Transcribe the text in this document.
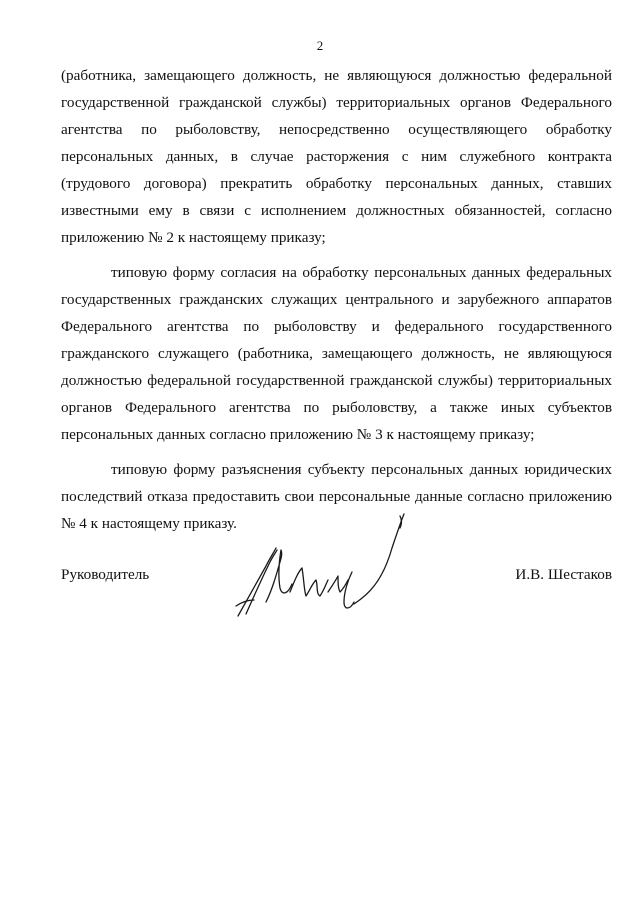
2

(работника, замещающего должность, не являющуюся должностью федеральной государственной гражданской службы) территориальных органов Федерального агентства по рыболовству, непосредственно осуществляющего обработку персональных данных, в случае расторжения с ним служебного контракта (трудового договора) прекратить обработку персональных данных, ставших известными ему в связи с исполнением должностных обязанностей, согласно приложению № 2 к настоящему приказу;

типовую форму согласия на обработку персональных данных федеральных государственных гражданских служащих центрального и зарубежного аппаратов Федерального агентства по рыболовству и федерального государственного гражданского служащего (работника, замещающего должность, не являющуюся должностью федеральной государственной гражданской службы) территориальных органов Федерального агентства по рыболовству, а также иных субъектов персональных данных согласно приложению № 3 к настоящему приказу;

типовую форму разъяснения субъекту персональных данных юридических последствий отказа предоставить свои персональные данные согласно приложению № 4 к настоящему приказу.

Руководитель	И.В. Шестаков
